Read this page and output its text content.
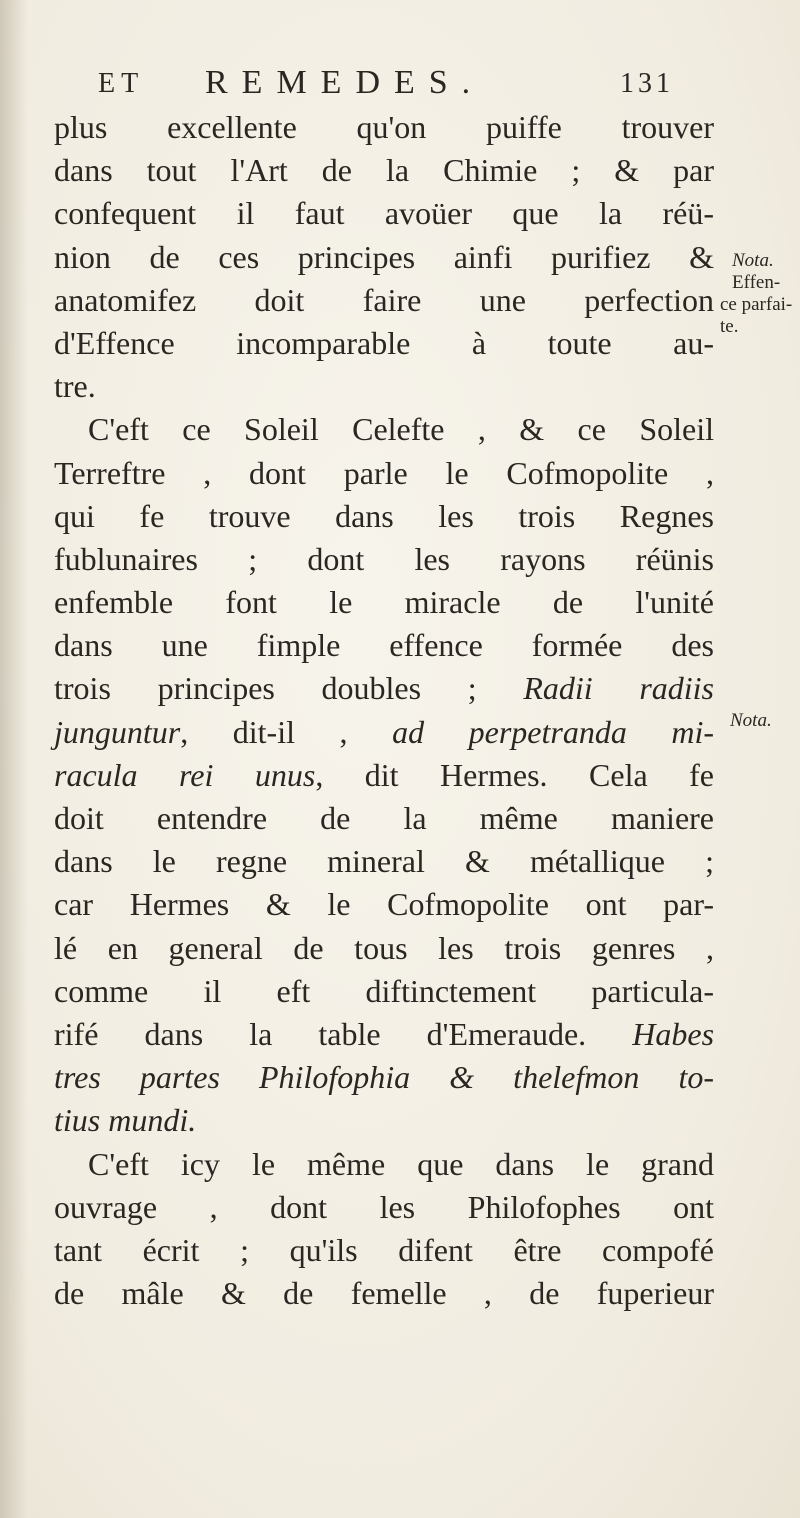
ET REMEDES.	131
plus excellente qu'on puiffe trouver
dans tout l'Art de la Chimie ; & par
confequent il faut avoüer que la réü-
nion de ces principes ainfi purifiez &
anatomifez doit faire une perfection
d'Effence incomparable à toute au-
tre.
C'eft ce Soleil Celefte , & ce Soleil
Terreftre , dont parle le Cofmopolite ,
qui fe trouve dans les trois Regnes
fublunaires ; dont les rayons réünis
enfemble font le miracle de l'unité
dans une fimple effence formée des
trois principes doubles ; Radii radiis
junguntur, dit-il , ad perpetranda mi-
racula rei unus, dit Hermes. Cela fe
doit entendre de la même maniere
dans le regne mineral & métallique ;
car Hermes & le Cofmopolite ont par-
lé en general de tous les trois genres ,
comme il eft diftinctement particula-
rifé dans la table d'Emeraude. Habes
tres partes Philofophia & thelefmon to-
tius mundi.
C'eft icy le même que dans le grand
ouvrage , dont les Philofophes ont
tant écrit ; qu'ils difent être compofé
de mâle & de femelle , de fuperieur
Nota.
Effen-
ce parfai-
te.
Nota.
